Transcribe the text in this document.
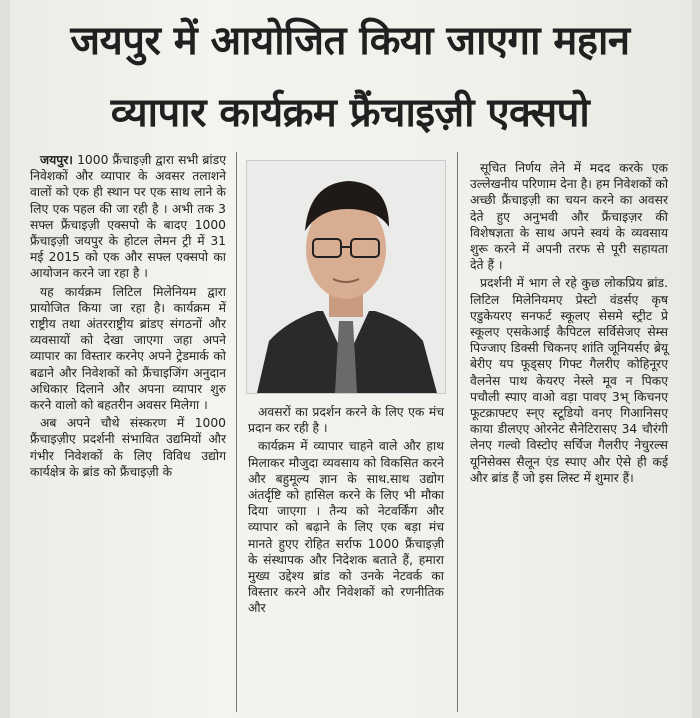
जयपुर में आयोजित किया जाएगा महान
व्यापार कार्यक्रम फ्रैंचाइज़ी एक्सपो

जयपुर। 1000 फ्रैंचाइज़ी द्वारा सभी ब्रांडए निवेशकों और व्यापार के अवसर तलाशने वालों को एक ही स्थान पर एक साथ लाने के लिए एक पहल की जा रही है । अभी तक 3 सफ्ल फ्रैंचाइज़ी एक्सपो के बादए 1000 फ्रैंचाइज़ी जयपुर के होटल लेमन ट्री में 31 मई 2015 को एक और सफ्ल एक्सपो का आयोजन करने जा रहा है ।

यह कार्यक्रम लिटिल मिलेनियम द्वारा प्रायोजित किया जा रहा है। कार्यक्रम में राष्ट्रीय तथा अंतरराष्ट्रीय ब्रांडए संगठनों और व्यवसायों को देखा जाएगा जहा अपने व्यापार का विस्तार करनेए अपने ट्रेडमार्क को बढाने और निवेशकों को फ्रैंचाइजिंग अनुदान अधिकार दिलाने और अपना व्यापार शुरु करने वालो को बहतरीन अवसर मिलेगा ।

अब अपने चौथे संस्करण में 1000 फ्रैंचाइज़ीए प्रदर्शनी संभावित उद्यमियों और गंभीर निवेशकों के लिए विविध उद्योग कार्यक्षेत्र के ब्रांड को फ्रैंचाइज़ी के

अवसरों का प्रदर्शन करने के लिए एक मंच प्रदान कर रही है ।

कार्यक्रम में व्यापार चाहने वाले और हाथ मिलाकर मौजुदा व्यवसाय को विकसित करने और बहुमूल्य ज्ञान के साथ.साथ उद्योग अंतर्दृष्टि को हासिल करने के लिए भी मौका दिया जाएगा । तैन्य को नेटवर्किंग और व्यापार को बढ़ाने के लिए एक बड़ा मंच मानते हुएए रोहित सर्राफ 1000 फ्रैंचाइज़ी के संस्थापक और निदेशक बताते हैं, हमारा मुख्य उद्देश्य ब्रांड को उनके नेटवर्क का विस्तार करने और निवेशकों को रणनीतिक और

सूचित निर्णय लेने में मदद करके एक उल्लेखनीय परिणाम देना है। हम निवेशकों को अच्छी फ्रैंचाइज़ी का चयन करने का अवसर देते हुए अनुभवी और फ्रैंचाइज़र की विशेषज्ञता के साथ अपने स्वयं के व्यवसाय शुरू करने में अपनी तरफ से पूरी सहायता देते हैं ।

प्रदर्शनी में भाग ले रहे कुछ लोकप्रिय ब्रांड. लिटिल मिलेनियमए प्रेस्टो वंडर्सए कृष एडुकेयरए सनफर्ट स्कूलए सेसमे स्ट्रीट प्रे स्कूलए एसकेआई कैपिटल सर्विसेजए सेम्स पिज्जाए डिक्सी चिकनए शांति जूनियर्सए ब्रेयू बेरीए यप फूड्सए गिफ्ट गैलरीए कोहिनूरए वैलनेस पाथ केयरए नेस्ले मूव न पिकए पचौली स्पाए वाओ वड़ा पावए 3भ् किचनए फूटक्राफ्टए स्न्ए स्टूडियो वनए गिआनिसए काया डीलएए ओरनेट सैनेटिरासए 34 चौरंगी लेनए गल्वो विस्टोए सर्चिज गैलरीए नेचुरल्स यूनिसेक्स सैलून एंड स्पाए और ऐसे ही कई और ब्रांड हैं जो इस लिस्ट में शुमार हैं।
